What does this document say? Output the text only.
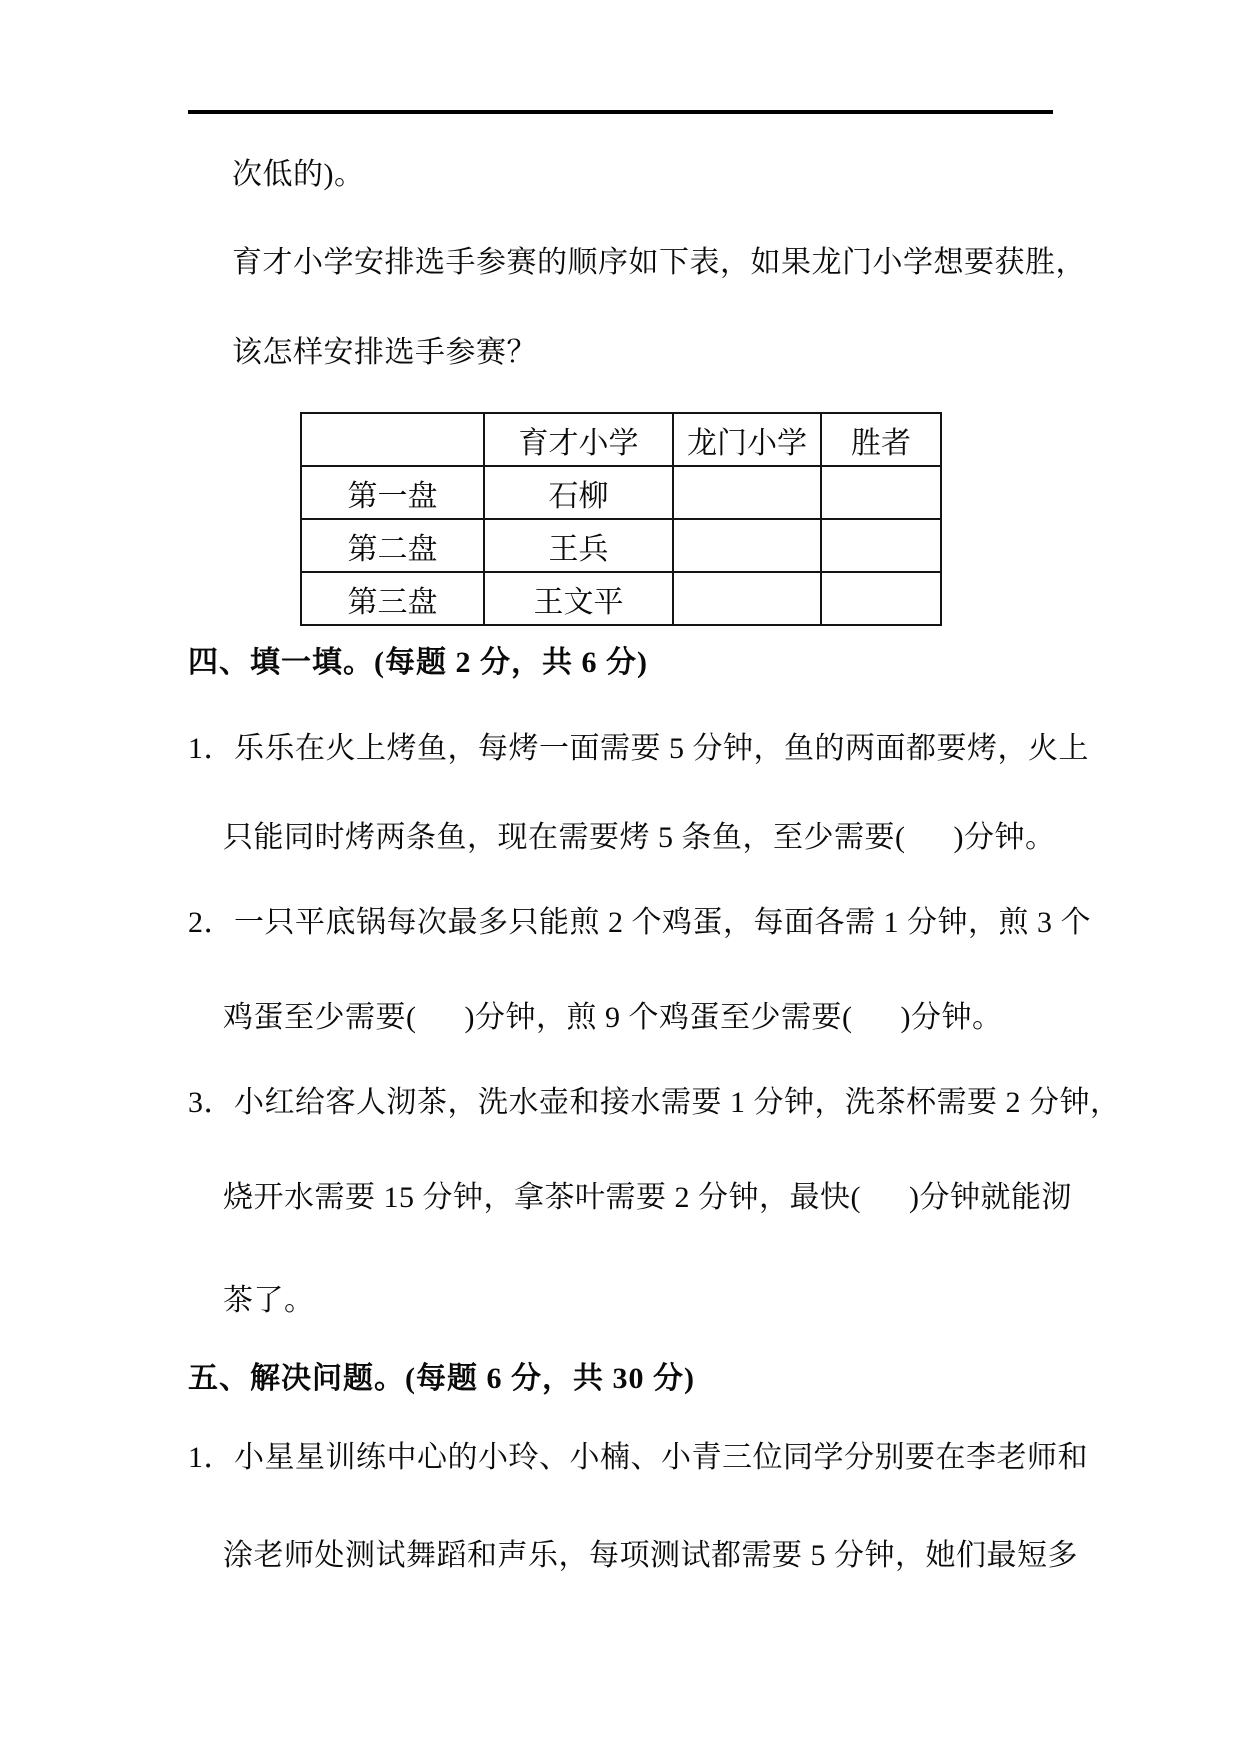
次低的)。
育才小学安排选手参赛的顺序如下表，如果龙门小学想要获胜，
该怎样安排选手参赛？
	育才小学	龙门小学	胜者
第一盘	石柳		
第二盘	王兵		
第三盘	王文平		
四、填一填。(每题 2 分，共 6 分)
1．乐乐在火上烤鱼，每烤一面需要 5 分钟，鱼的两面都要烤，火上
只能同时烤两条鱼，现在需要烤 5 条鱼，至少需要(      )分钟。
2．一只平底锅每次最多只能煎 2 个鸡蛋，每面各需 1 分钟，煎 3 个
鸡蛋至少需要(      )分钟，煎 9 个鸡蛋至少需要(      )分钟。
3．小红给客人沏茶，洗水壶和接水需要 1 分钟，洗茶杯需要 2 分钟，
烧开水需要 15 分钟，拿茶叶需要 2 分钟，最快(      )分钟就能沏
茶了。
五、解决问题。(每题 6 分，共 30 分)
1．小星星训练中心的小玲、小楠、小青三位同学分别要在李老师和
涂老师处测试舞蹈和声乐，每项测试都需要 5 分钟，她们最短多
